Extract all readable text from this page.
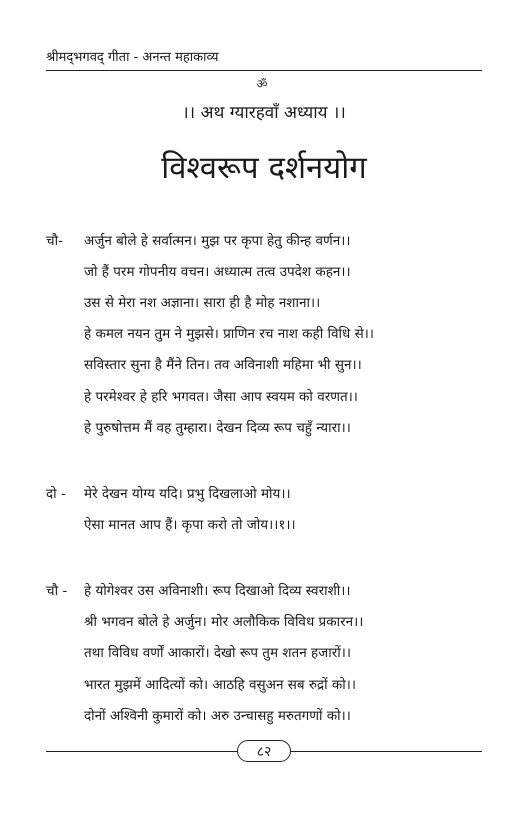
श्रीमद्‌भगवद्‌ गीता - अनन्त महाकाव्य
ॐ
।। अथ ग्यारहवाँ अध्याय ।।
विश्वरूप दर्शनयोग
चौ- अर्जुन बोले हे सर्वात्मन। मुझ पर कृपा हेतु कीन्ह वर्णन।।
जो हैं परम गोपनीय वचन। अध्यात्म तत्व उपदेश कहन।।
उस से मेरा नश अज्ञाना। सारा ही है मोह नशाना।।
हे कमल नयन तुम ने मुझसे। प्राणिन रच नाश कही विधि से।।
सविस्तार सुना है मैंने तिन। तव अविनाशी महिमा भी सुन।।
हे परमेश्वर हे हरि भगवत। जैसा आप स्वयम को वरणत।।
हे पुरुषोत्तम मैं वह तुम्हारा। देखन दिव्य रूप चहुँ न्यारा।।
दो - मेरे देखन योग्य यदि। प्रभु दिखलाओ मोय।।
ऐसा मानत आप हैं। कृपा करो तो जोय।।१।।
चौ - हे योगेश्वर उस अविनाशी। रूप दिखाओ दिव्य स्वराशी।।
श्री भगवन बोले हे अर्जुन। मोर अलौकिक विविध प्रकारन।।
तथा विविध वर्णों आकारों। देखो रूप तुम शतन हजारों।।
भारत मुझमें आदित्यों को। आठहि वसुअन सब रुद्रों को।।
दोनों अश्विनी कुमारों को। अरु उन्चासहु मरुतगणों को।।
८२
